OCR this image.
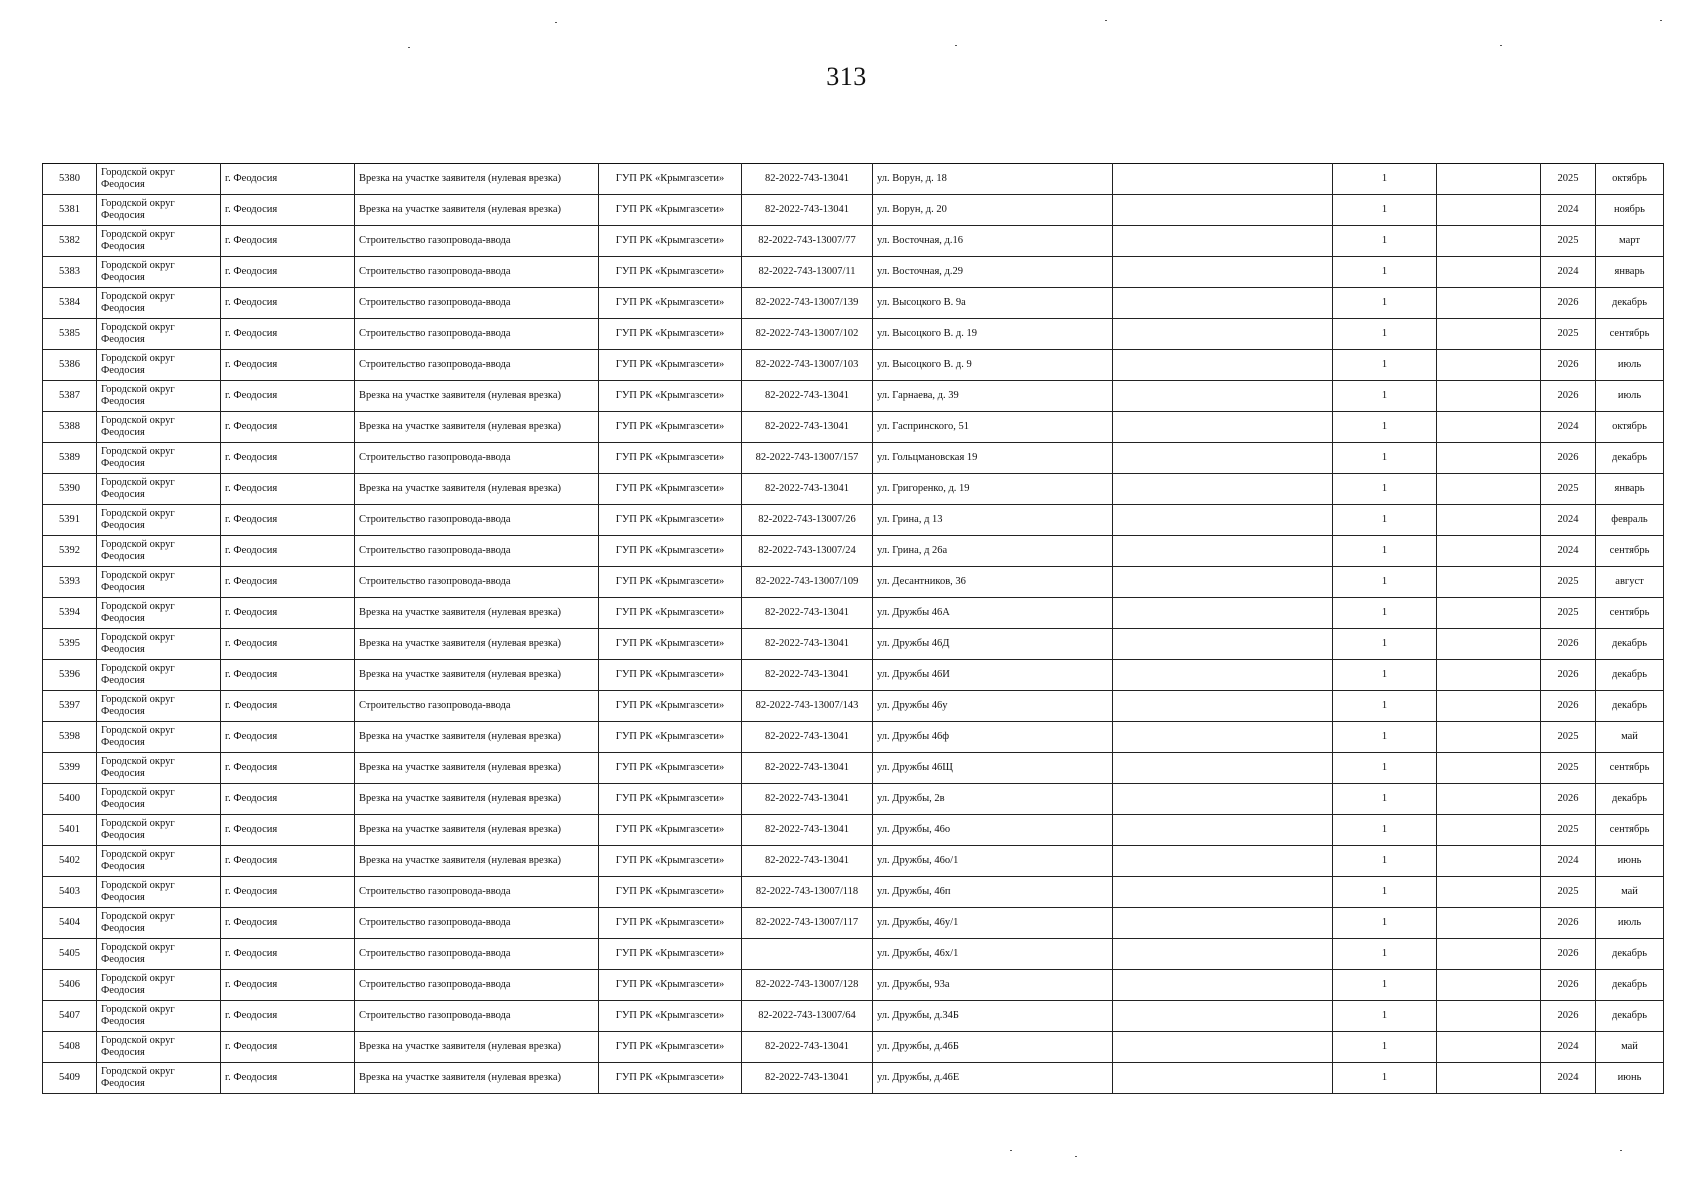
313
5380	Городской округ Феодосия	г. Феодосия	Врезка на участке заявителя (нулевая врезка)	ГУП РК «Крымгазсети»	82-2022-743-13041	ул. Ворун, д. 18		1		2025	октябрь
5381	Городской округ Феодосия	г. Феодосия	Врезка на участке заявителя (нулевая врезка)	ГУП РК «Крымгазсети»	82-2022-743-13041	ул. Ворун, д. 20		1		2024	ноябрь
5382	Городской округ Феодосия	г. Феодосия	Строительство газопровода-ввода	ГУП РК «Крымгазсети»	82-2022-743-13007/77	ул. Восточная, д.16		1		2025	март
5383	Городской округ Феодосия	г. Феодосия	Строительство газопровода-ввода	ГУП РК «Крымгазсети»	82-2022-743-13007/11	ул. Восточная, д.29		1		2024	январь
5384	Городской округ Феодосия	г. Феодосия	Строительство газопровода-ввода	ГУП РК «Крымгазсети»	82-2022-743-13007/139	ул. Высоцкого В. 9а		1		2026	декабрь
5385	Городской округ Феодосия	г. Феодосия	Строительство газопровода-ввода	ГУП РК «Крымгазсети»	82-2022-743-13007/102	ул. Высоцкого В. д. 19		1		2025	сентябрь
5386	Городской округ Феодосия	г. Феодосия	Строительство газопровода-ввода	ГУП РК «Крымгазсети»	82-2022-743-13007/103	ул. Высоцкого В. д. 9		1		2026	июль
5387	Городской округ Феодосия	г. Феодосия	Врезка на участке заявителя (нулевая врезка)	ГУП РК «Крымгазсети»	82-2022-743-13041	ул. Гарнаева, д. 39		1		2026	июль
5388	Городской округ Феодосия	г. Феодосия	Врезка на участке заявителя (нулевая врезка)	ГУП РК «Крымгазсети»	82-2022-743-13041	ул. Гаспринского, 51		1		2024	октябрь
5389	Городской округ Феодосия	г. Феодосия	Строительство газопровода-ввода	ГУП РК «Крымгазсети»	82-2022-743-13007/157	ул. Гольцмановская 19		1		2026	декабрь
5390	Городской округ Феодосия	г. Феодосия	Врезка на участке заявителя (нулевая врезка)	ГУП РК «Крымгазсети»	82-2022-743-13041	ул. Григоренко, д. 19		1		2025	январь
5391	Городской округ Феодосия	г. Феодосия	Строительство газопровода-ввода	ГУП РК «Крымгазсети»	82-2022-743-13007/26	ул. Грина, д 13		1		2024	февраль
5392	Городской округ Феодосия	г. Феодосия	Строительство газопровода-ввода	ГУП РК «Крымгазсети»	82-2022-743-13007/24	ул. Грина, д 26а		1		2024	сентябрь
5393	Городской округ Феодосия	г. Феодосия	Строительство газопровода-ввода	ГУП РК «Крымгазсети»	82-2022-743-13007/109	ул. Десантников, 36		1		2025	август
5394	Городской округ Феодосия	г. Феодосия	Врезка на участке заявителя (нулевая врезка)	ГУП РК «Крымгазсети»	82-2022-743-13041	ул. Дружбы 46А		1		2025	сентябрь
5395	Городской округ Феодосия	г. Феодосия	Врезка на участке заявителя (нулевая врезка)	ГУП РК «Крымгазсети»	82-2022-743-13041	ул. Дружбы 46Д		1		2026	декабрь
5396	Городской округ Феодосия	г. Феодосия	Врезка на участке заявителя (нулевая врезка)	ГУП РК «Крымгазсети»	82-2022-743-13041	ул. Дружбы 46И		1		2026	декабрь
5397	Городской округ Феодосия	г. Феодосия	Строительство газопровода-ввода	ГУП РК «Крымгазсети»	82-2022-743-13007/143	ул. Дружбы 46у		1		2026	декабрь
5398	Городской округ Феодосия	г. Феодосия	Врезка на участке заявителя (нулевая врезка)	ГУП РК «Крымгазсети»	82-2022-743-13041	ул. Дружбы 46ф		1		2025	май
5399	Городской округ Феодосия	г. Феодосия	Врезка на участке заявителя (нулевая врезка)	ГУП РК «Крымгазсети»	82-2022-743-13041	ул. Дружбы 46Щ		1		2025	сентябрь
5400	Городской округ Феодосия	г. Феодосия	Врезка на участке заявителя (нулевая врезка)	ГУП РК «Крымгазсети»	82-2022-743-13041	ул. Дружбы, 2в		1		2026	декабрь
5401	Городской округ Феодосия	г. Феодосия	Врезка на участке заявителя (нулевая врезка)	ГУП РК «Крымгазсети»	82-2022-743-13041	ул. Дружбы, 46о		1		2025	сентябрь
5402	Городской округ Феодосия	г. Феодосия	Врезка на участке заявителя (нулевая врезка)	ГУП РК «Крымгазсети»	82-2022-743-13041	ул. Дружбы, 46о/1		1		2024	июнь
5403	Городской округ Феодосия	г. Феодосия	Строительство газопровода-ввода	ГУП РК «Крымгазсети»	82-2022-743-13007/118	ул. Дружбы, 46п		1		2025	май
5404	Городской округ Феодосия	г. Феодосия	Строительство газопровода-ввода	ГУП РК «Крымгазсети»	82-2022-743-13007/117	ул. Дружбы, 46у/1		1		2026	июль
5405	Городской округ Феодосия	г. Феодосия	Строительство газопровода-ввода	ГУП РК «Крымгазсети»		ул. Дружбы, 46х/1		1		2026	декабрь
5406	Городской округ Феодосия	г. Феодосия	Строительство газопровода-ввода	ГУП РК «Крымгазсети»	82-2022-743-13007/128	ул. Дружбы, 93а		1		2026	декабрь
5407	Городской округ Феодосия	г. Феодосия	Строительство газопровода-ввода	ГУП РК «Крымгазсети»	82-2022-743-13007/64	ул. Дружбы, д.34Б		1		2026	декабрь
5408	Городской округ Феодосия	г. Феодосия	Врезка на участке заявителя (нулевая врезка)	ГУП РК «Крымгазсети»	82-2022-743-13041	ул. Дружбы, д.46Б		1		2024	май
5409	Городской округ Феодосия	г. Феодосия	Врезка на участке заявителя (нулевая врезка)	ГУП РК «Крымгазсети»	82-2022-743-13041	ул. Дружбы, д.46Е		1		2024	июнь
